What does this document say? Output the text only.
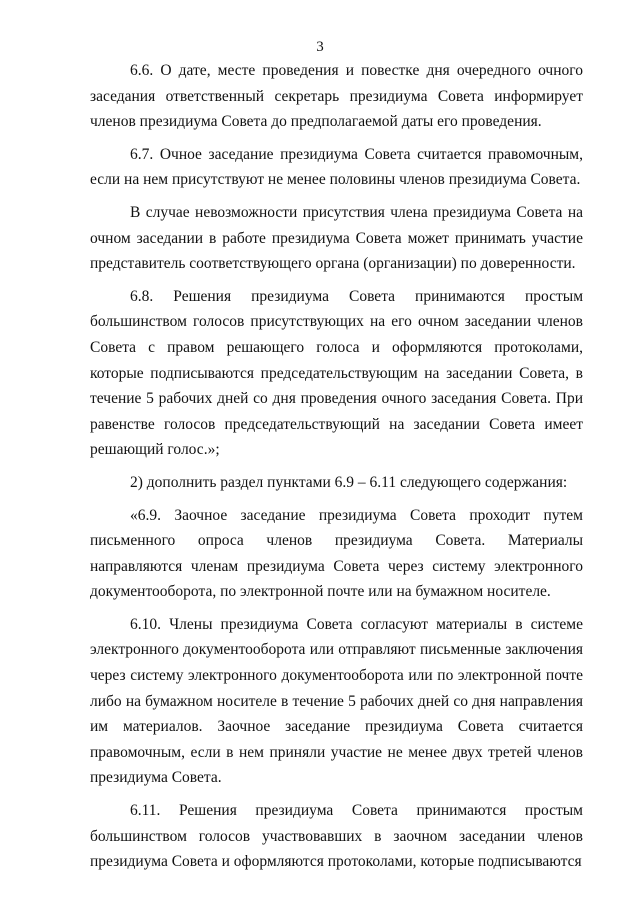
3

6.6. О дате, месте проведения и повестке дня очередного очного заседания ответственный секретарь президиума Совета информирует членов президиума Совета до предполагаемой даты его проведения.

6.7. Очное заседание президиума Совета считается правомочным, если на нем присутствуют не менее половины членов президиума Совета.

В случае невозможности присутствия члена президиума Совета на очном заседании в работе президиума Совета может принимать участие представитель соответствующего органа (организации) по доверенности.

6.8. Решения президиума Совета принимаются простым большинством голосов присутствующих на его очном заседании членов Совета с правом решающего голоса и оформляются протоколами, которые подписываются председательствующим на заседании Совета, в течение 5 рабочих дней со дня проведения очного заседания Совета. При равенстве голосов председательствующий на заседании Совета имеет решающий голос.»;

2) дополнить раздел пунктами 6.9 – 6.11 следующего содержания:

«6.9. Заочное заседание президиума Совета проходит путем письменного опроса членов президиума Совета. Материалы направляются членам президиума Совета через систему электронного документооборота, по электронной почте или на бумажном носителе.

6.10. Члены президиума Совета согласуют материалы в системе электронного документооборота или отправляют письменные заключения через систему электронного документооборота или по электронной почте либо на бумажном носителе в течение 5 рабочих дней со дня направления им материалов. Заочное заседание президиума Совета считается правомочным, если в нем приняли участие не менее двух третей членов президиума Совета.

6.11. Решения президиума Совета принимаются простым большинством голосов участвовавших в заочном заседании членов президиума Совета и оформляются протоколами, которые подписываются
